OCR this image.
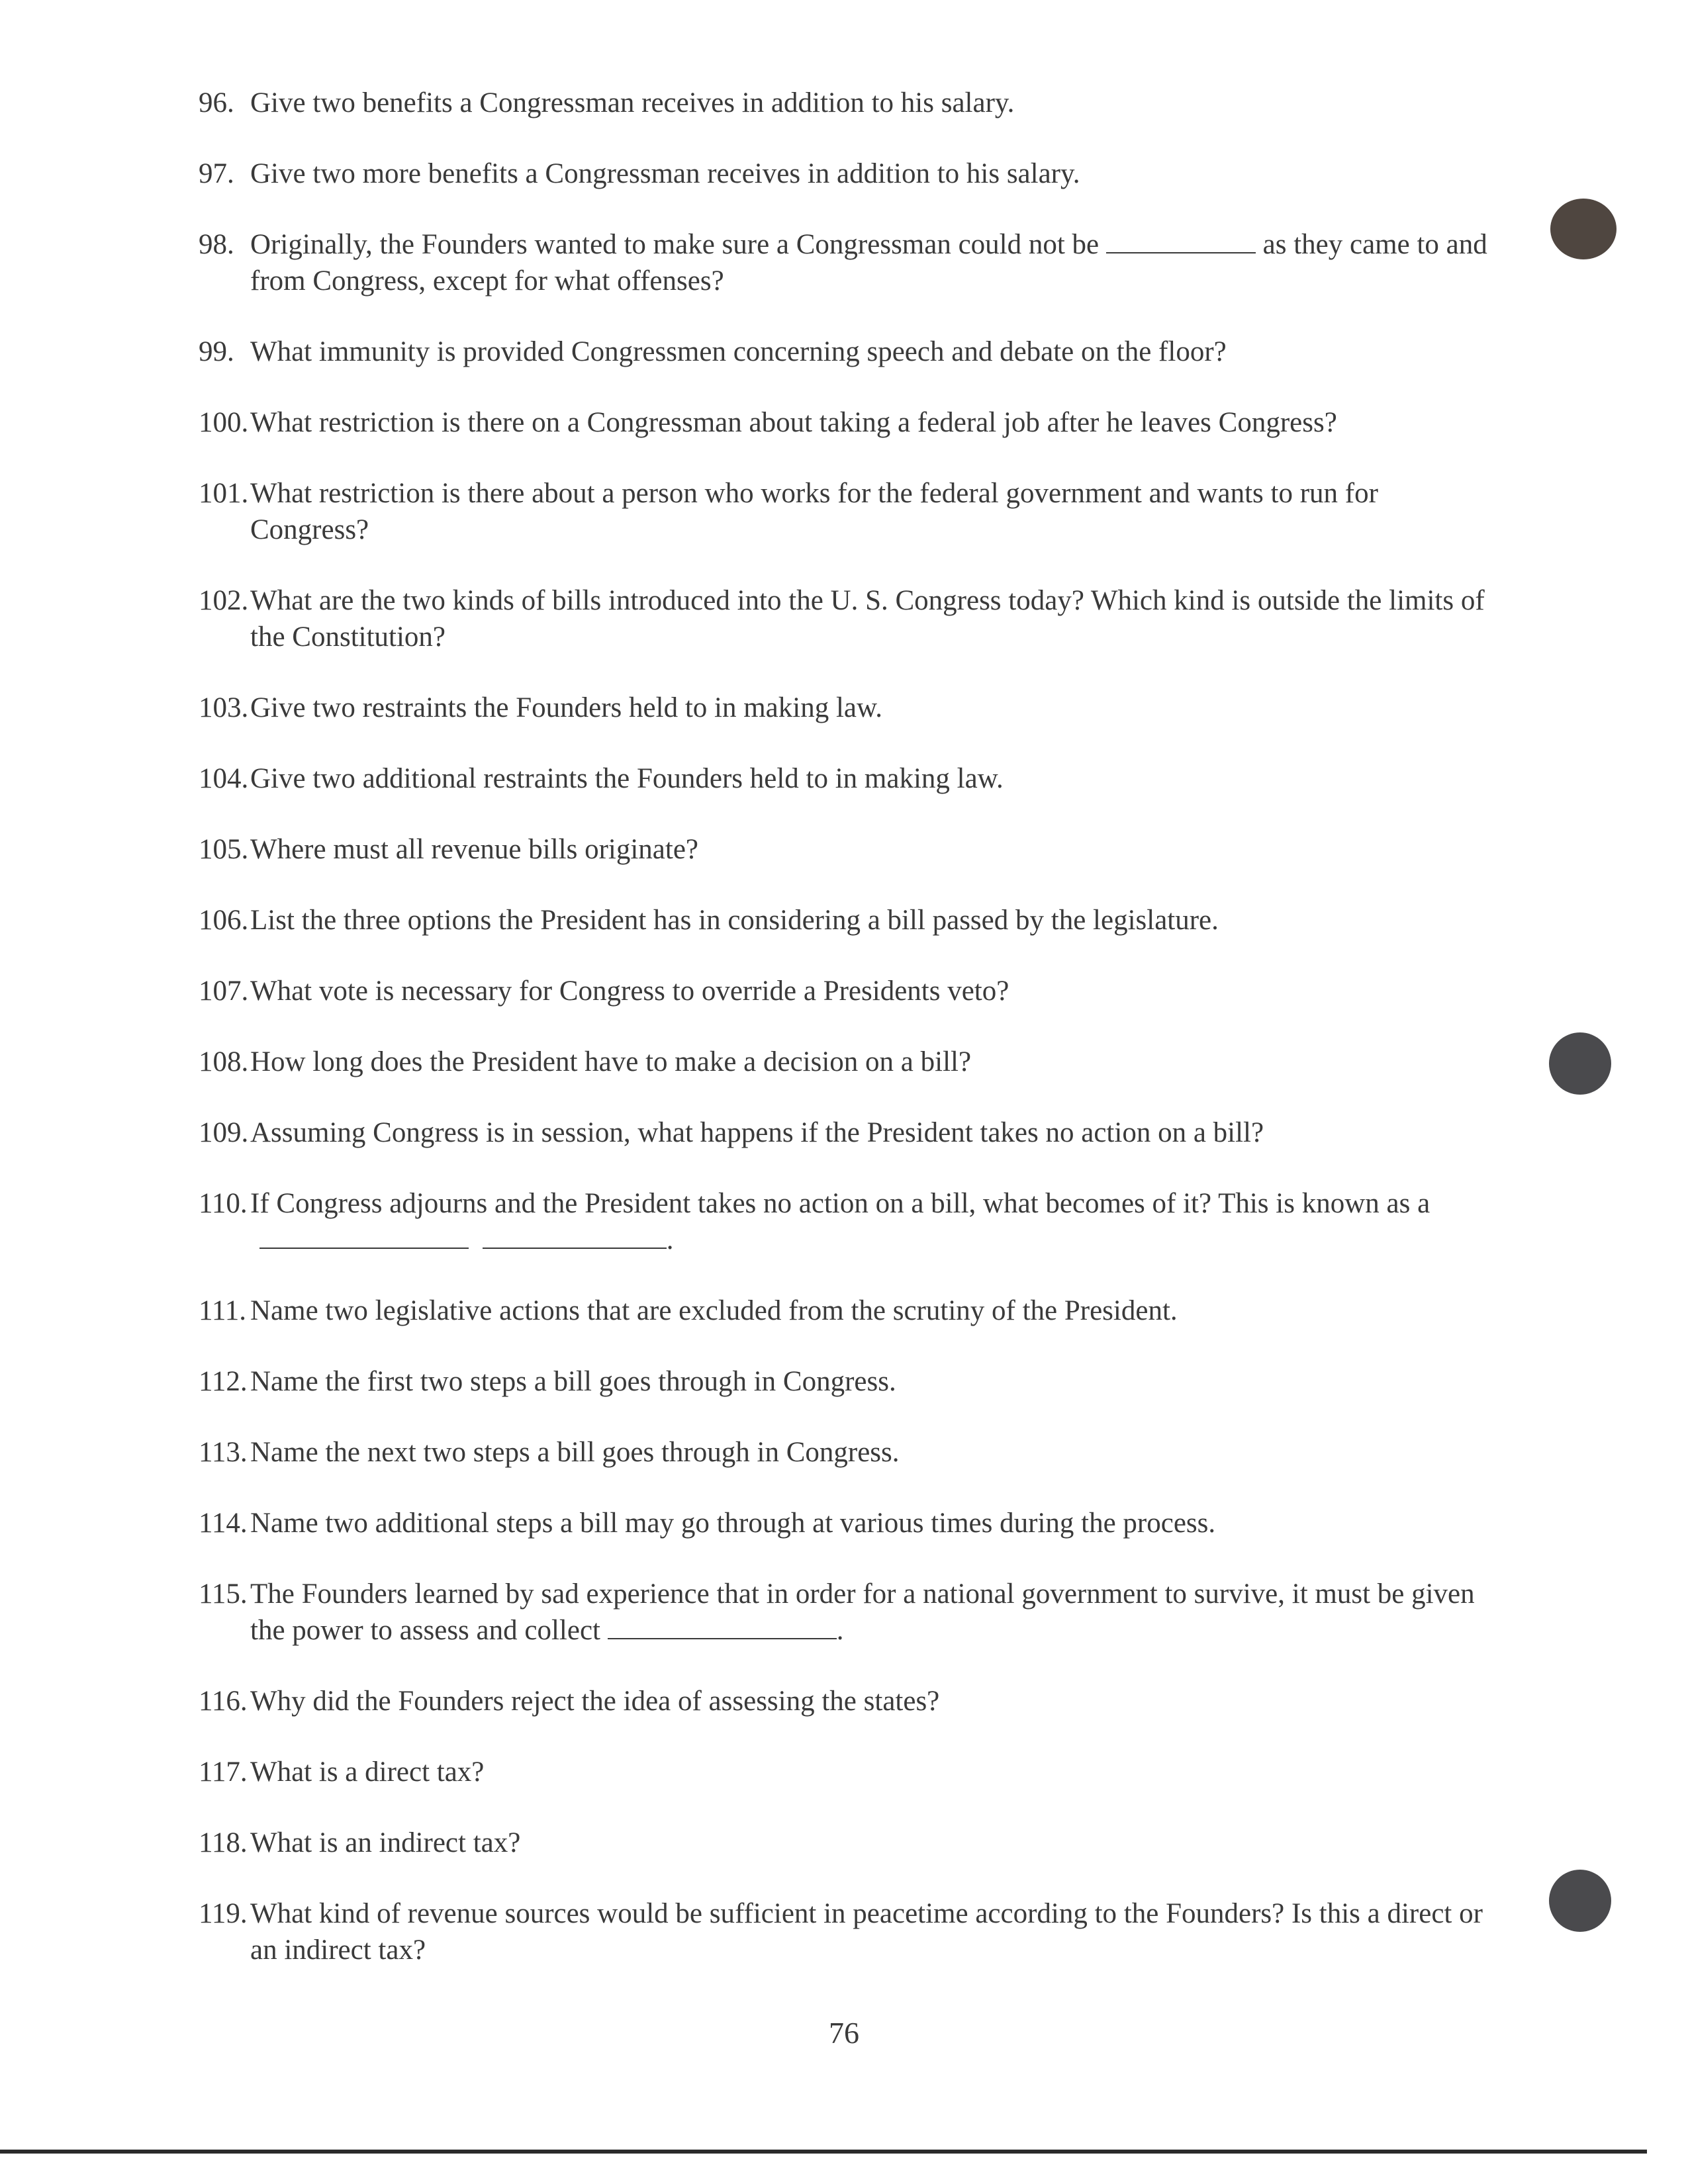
96. Give two benefits a Congressman receives in addition to his salary.
97. Give two more benefits a Congressman receives in addition to his salary.
98. Originally, the Founders wanted to make sure a Congressman could not be	as they came to and from Congress, except for what offenses?
99. What immunity is provided Congressmen concerning speech and debate on the floor?
100. What restriction is there on a Congressman about taking a federal job after he leaves Congress?
101. What restriction is there about a person who works for the federal government and wants to run for Congress?
102. What are the two kinds of bills introduced into the U. S. Congress today? Which kind is outside the limits of the Constitution?
103. Give two restraints the Founders held to in making law.
104. Give two additional restraints the Founders held to in making law.
105. Where must all revenue bills originate?
106. List the three options the President has in considering a bill passed by the legislature.
107. What vote is necessary for Congress to override a Presidents veto?
108. How long does the President have to make a decision on a bill?
109. Assuming Congress is in session, what happens if the President takes no action on a bill?
110. If Congress adjourns and the President takes no action on a bill, what becomes of it? This is known as a  .
111. Name two legislative actions that are excluded from the scrutiny of the President.
112. Name the first two steps a bill goes through in Congress.
113. Name the next two steps a bill goes through in Congress.
114. Name two additional steps a bill may go through at various times during the process.
115. The Founders learned by sad experience that in order for a national government to survive, it must be given the power to assess and collect	.
116. Why did the Founders reject the idea of assessing the states?
117. What is a direct tax?
118. What is an indirect tax?
119. What kind of revenue sources would be sufficient in peacetime according to the Founders? Is this a direct or an indirect tax?
76
